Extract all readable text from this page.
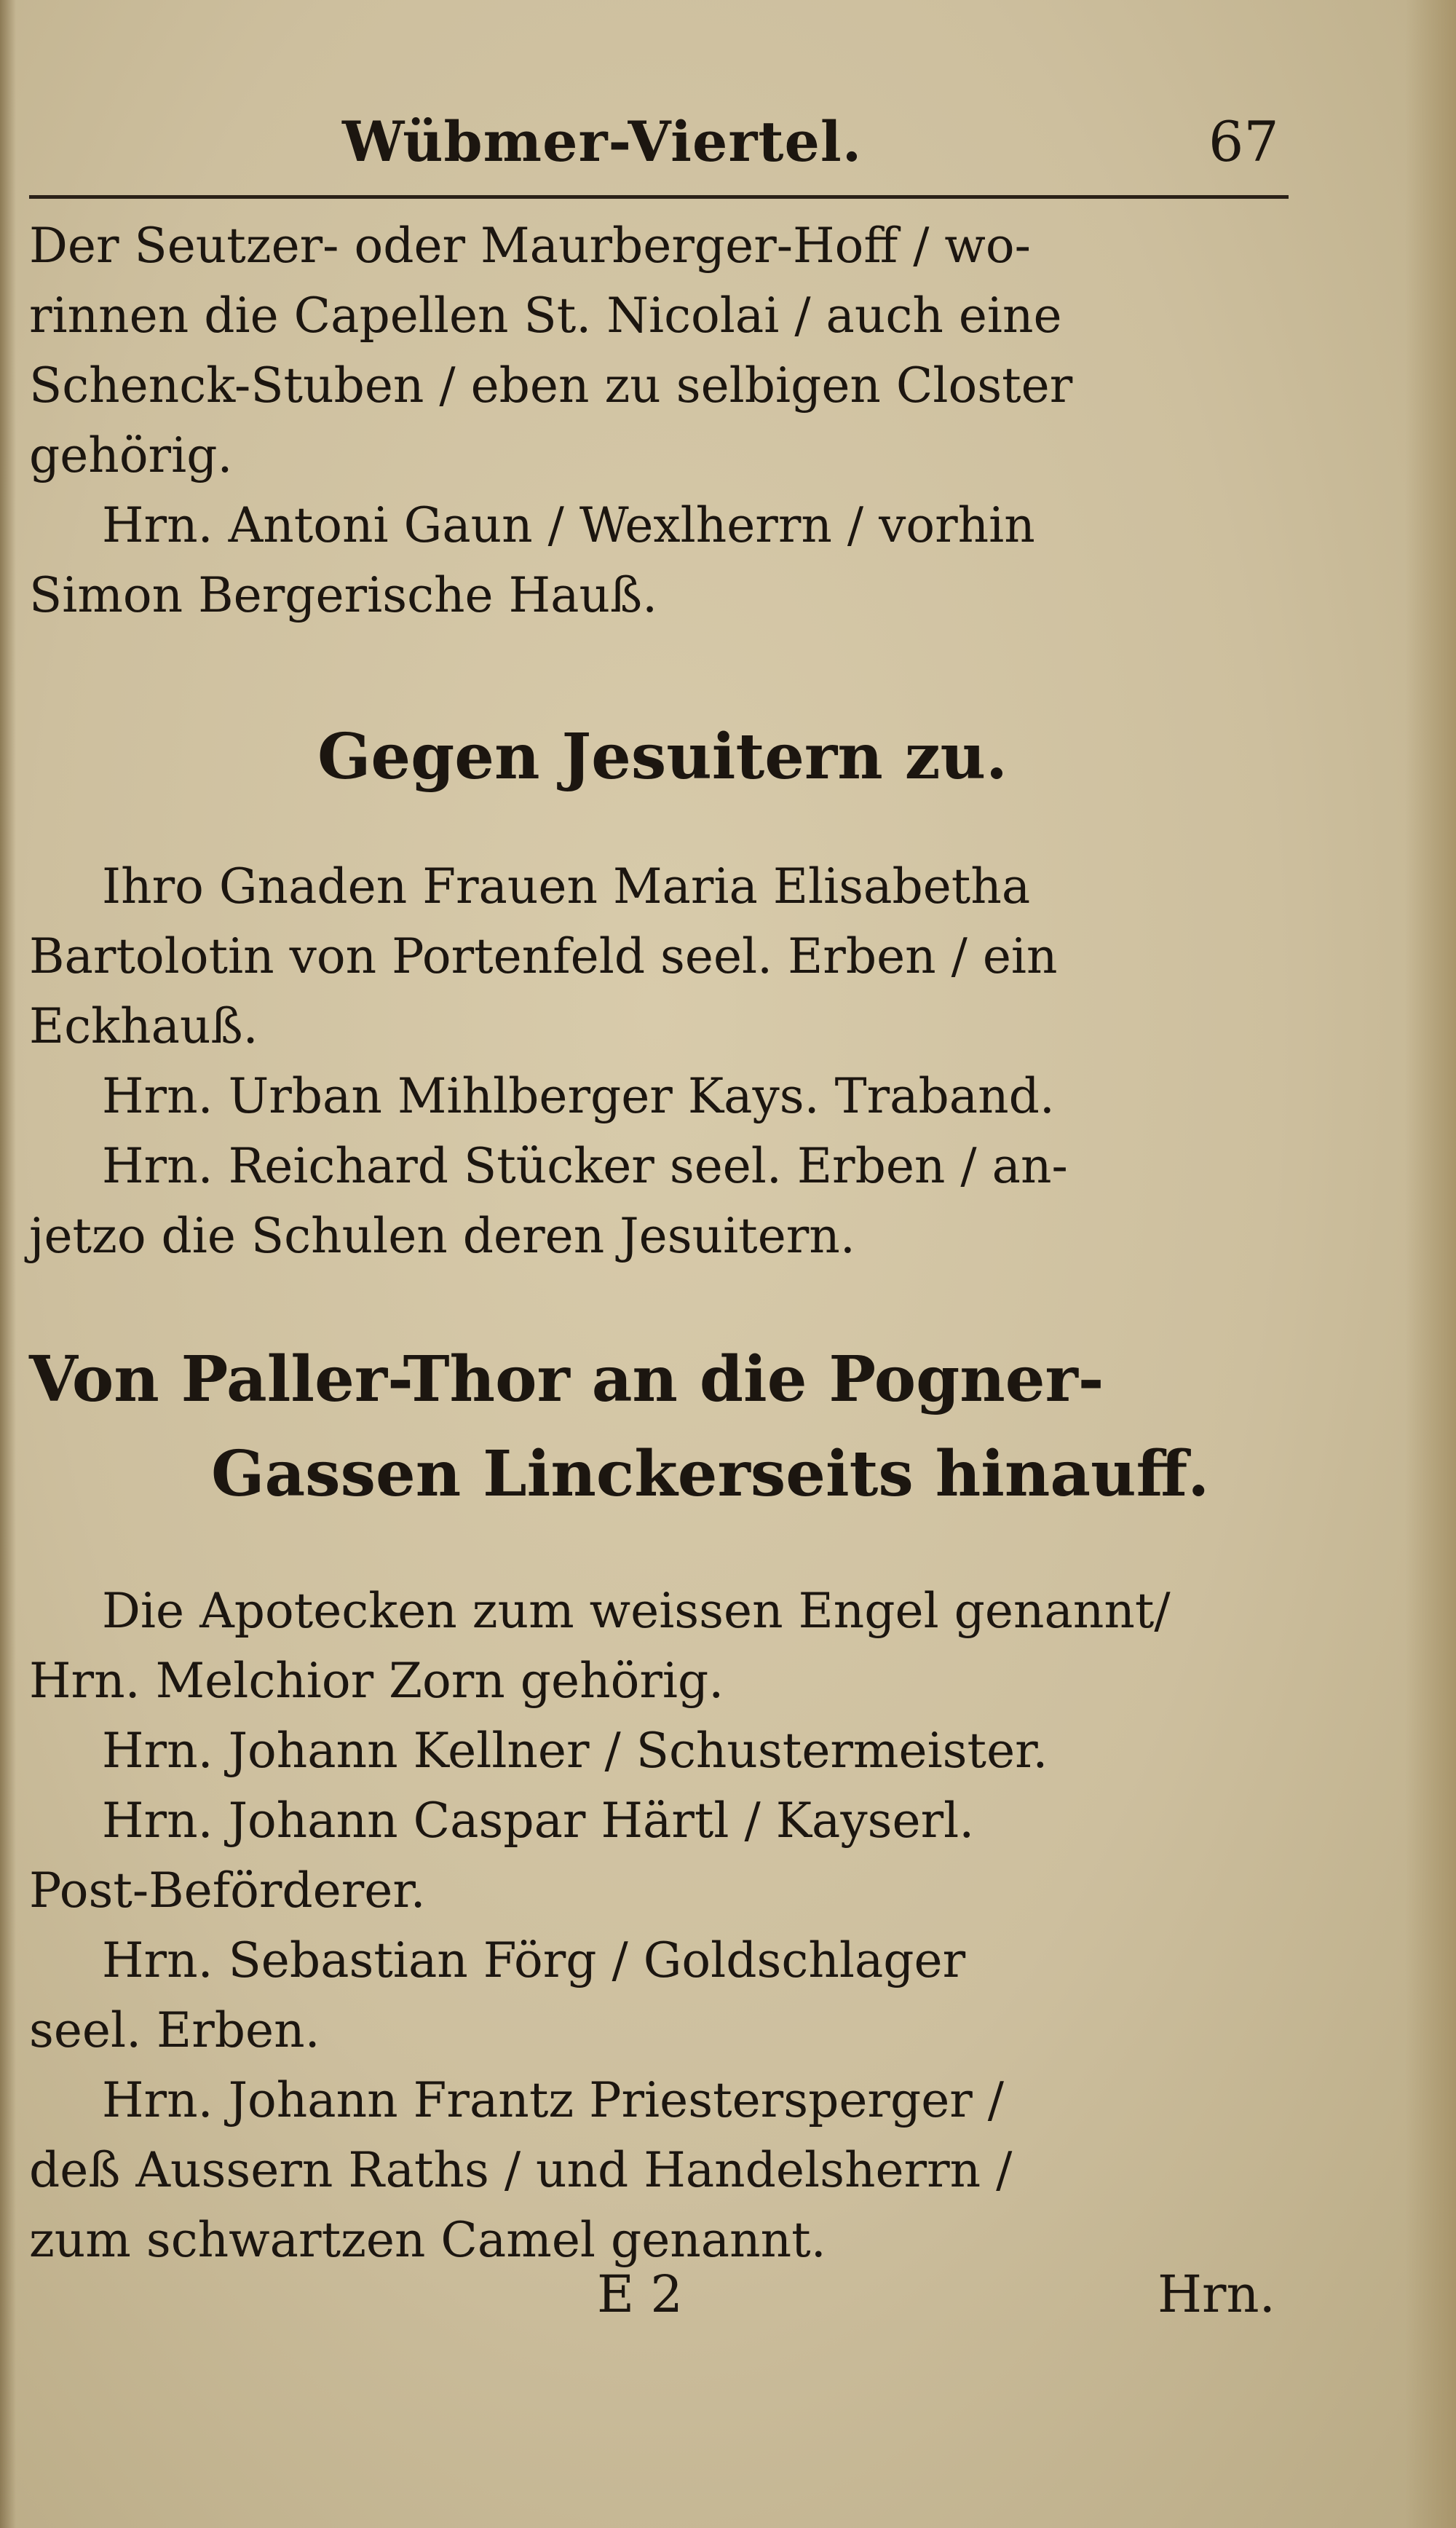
Wübmer-Viertel.	67
Der Seutzer- oder Maurberger-Hoff / wo-
rinnen die Capellen St. Nicolai / auch eine
Schenck-Stuben / eben zu selbigen Closter
gehörig.
Hrn. Antoni Gaun / Wexlherrn / vorhin
Simon Bergerische Hauß.
Gegen Jesuitern zu.
Ihro Gnaden Frauen Maria Elisabetha
Bartolotin von Portenfeld seel. Erben / ein
Eckhauß.
Hrn. Urban Mihlberger Kays. Traband.
Hrn. Reichard Stücker seel. Erben / an-
jetzo die Schulen deren Jesuitern.
Von Paller-Thor an die Pogner-
Gassen Linckerseits hinauff.
Die Apotecken zum weissen Engel genannt/
Hrn. Melchior Zorn gehörig.
Hrn. Johann Kellner / Schustermeister.
Hrn. Johann Caspar Härtl / Kayserl.
Post-Beförderer.
Hrn. Sebastian Förg / Goldschlager
seel. Erben.
Hrn. Johann Frantz Priestersperger /
deß Aussern Raths / und Handelsherrn /
zum schwartzen Camel genannt.
E 2	Hrn.
